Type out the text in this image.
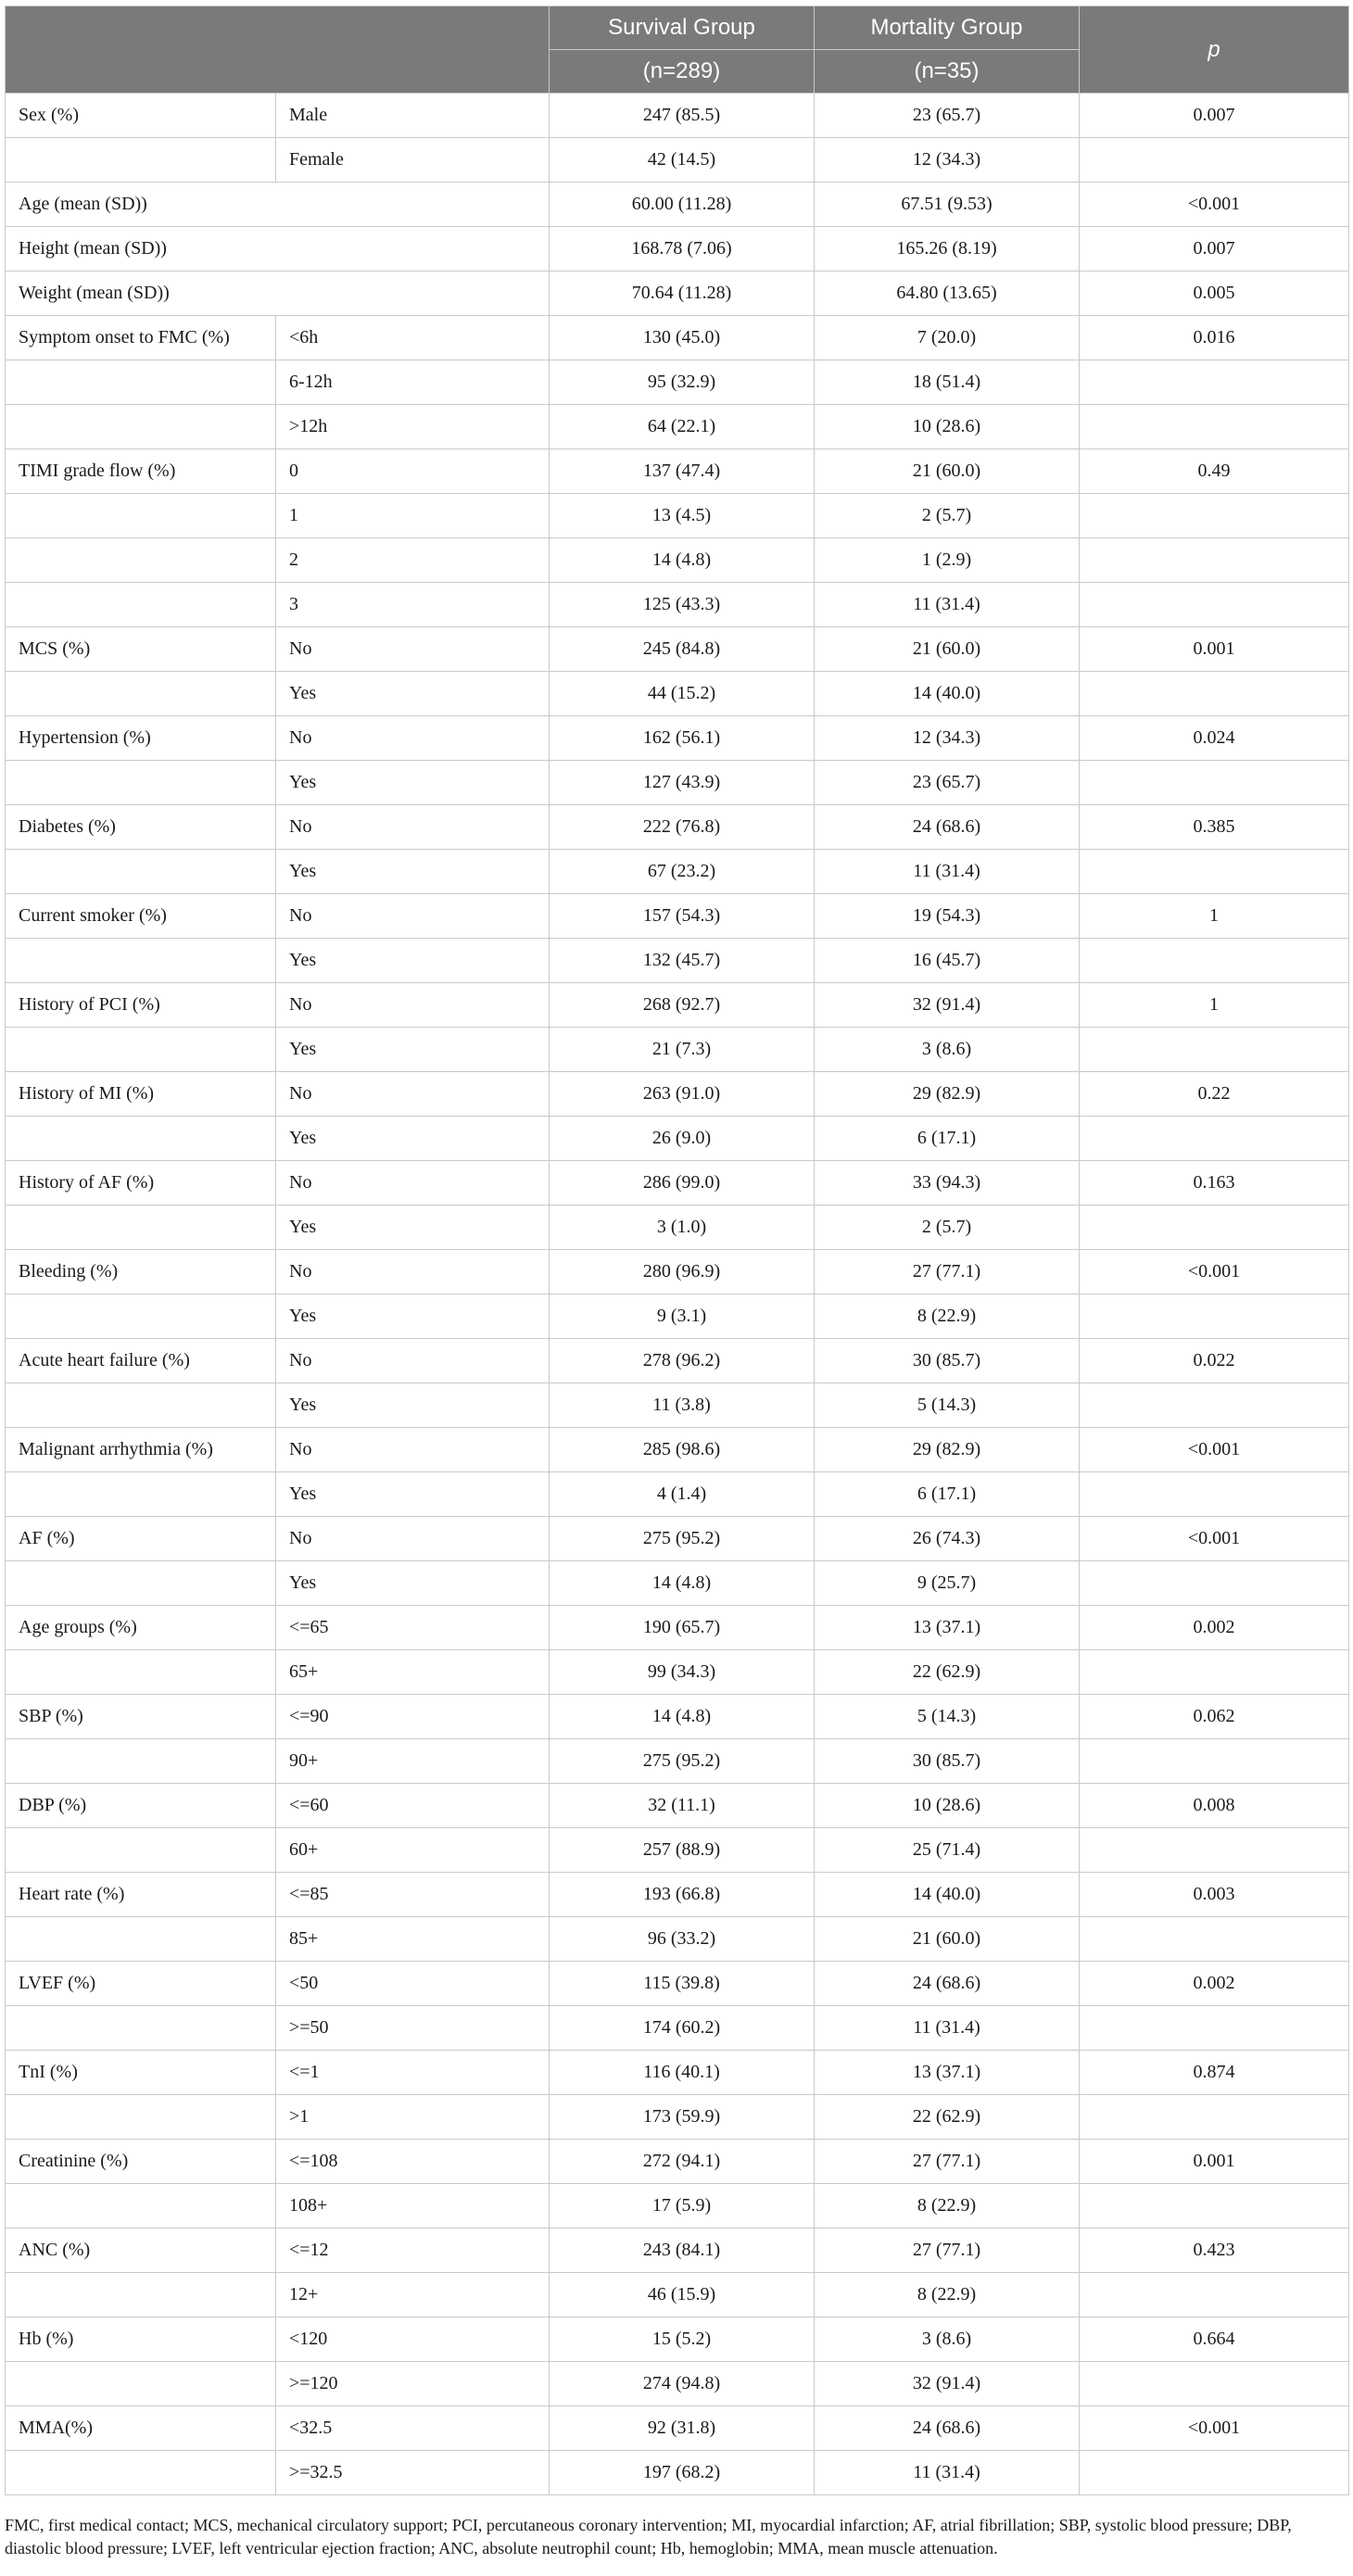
		Survival Group	Mortality Group	p
		(n=289)	(n=35)	
Sex (%)	Male	247 (85.5)	23 (65.7)	0.007
	Female	42 (14.5)	12 (34.3)	
Age (mean (SD))		60.00 (11.28)	67.51 (9.53)	<0.001
Height (mean (SD))		168.78 (7.06)	165.26 (8.19)	0.007
Weight (mean (SD))		70.64 (11.28)	64.80 (13.65)	0.005
Symptom onset to FMC (%)	<6h	130 (45.0)	7 (20.0)	0.016
	6-12h	95 (32.9)	18 (51.4)	
	>12h	64 (22.1)	10 (28.6)	
TIMI grade flow (%)	0	137 (47.4)	21 (60.0)	0.49
	1	13 (4.5)	2 (5.7)	
	2	14 (4.8)	1 (2.9)	
	3	125 (43.3)	11 (31.4)	
MCS (%)	No	245 (84.8)	21 (60.0)	0.001
	Yes	44 (15.2)	14 (40.0)	
Hypertension (%)	No	162 (56.1)	12 (34.3)	0.024
	Yes	127 (43.9)	23 (65.7)	
Diabetes (%)	No	222 (76.8)	24 (68.6)	0.385
	Yes	67 (23.2)	11 (31.4)	
Current smoker (%)	No	157 (54.3)	19 (54.3)	1
	Yes	132 (45.7)	16 (45.7)	
History of PCI (%)	No	268 (92.7)	32 (91.4)	1
	Yes	21 (7.3)	3 (8.6)	
History of MI (%)	No	263 (91.0)	29 (82.9)	0.22
	Yes	26 (9.0)	6 (17.1)	
History of AF (%)	No	286 (99.0)	33 (94.3)	0.163
	Yes	3 (1.0)	2 (5.7)	
Bleeding (%)	No	280 (96.9)	27 (77.1)	<0.001
	Yes	9 (3.1)	8 (22.9)	
Acute heart failure (%)	No	278 (96.2)	30 (85.7)	0.022
	Yes	11 (3.8)	5 (14.3)	
Malignant arrhythmia (%)	No	285 (98.6)	29 (82.9)	<0.001
	Yes	4 (1.4)	6 (17.1)	
AF (%)	No	275 (95.2)	26 (74.3)	<0.001
	Yes	14 (4.8)	9 (25.7)	
Age groups (%)	<=65	190 (65.7)	13 (37.1)	0.002
	65+	99 (34.3)	22 (62.9)	
SBP (%)	<=90	14 (4.8)	5 (14.3)	0.062
	90+	275 (95.2)	30 (85.7)	
DBP (%)	<=60	32 (11.1)	10 (28.6)	0.008
	60+	257 (88.9)	25 (71.4)	
Heart rate (%)	<=85	193 (66.8)	14 (40.0)	0.003
	85+	96 (33.2)	21 (60.0)	
LVEF (%)	<50	115 (39.8)	24 (68.6)	0.002
	>=50	174 (60.2)	11 (31.4)	
TnI (%)	<=1	116 (40.1)	13 (37.1)	0.874
	>1	173 (59.9)	22 (62.9)	
Creatinine (%)	<=108	272 (94.1)	27 (77.1)	0.001
	108+	17 (5.9)	8 (22.9)	
ANC (%)	<=12	243 (84.1)	27 (77.1)	0.423
	12+	46 (15.9)	8 (22.9)	
Hb (%)	<120	15 (5.2)	3 (8.6)	0.664
	>=120	274 (94.8)	32 (91.4)	
MMA(%)	<32.5	92 (31.8)	24 (68.6)	<0.001
	>=32.5	197 (68.2)	11 (31.4)	
FMC, first medical contact; MCS, mechanical circulatory support; PCI, percutaneous coronary intervention; MI, myocardial infarction; AF, atrial fibrillation; SBP, systolic blood pressure; DBP, diastolic blood pressure; LVEF, left ventricular ejection fraction; ANC, absolute neutrophil count; Hb, hemoglobin; MMA, mean muscle attenuation.
